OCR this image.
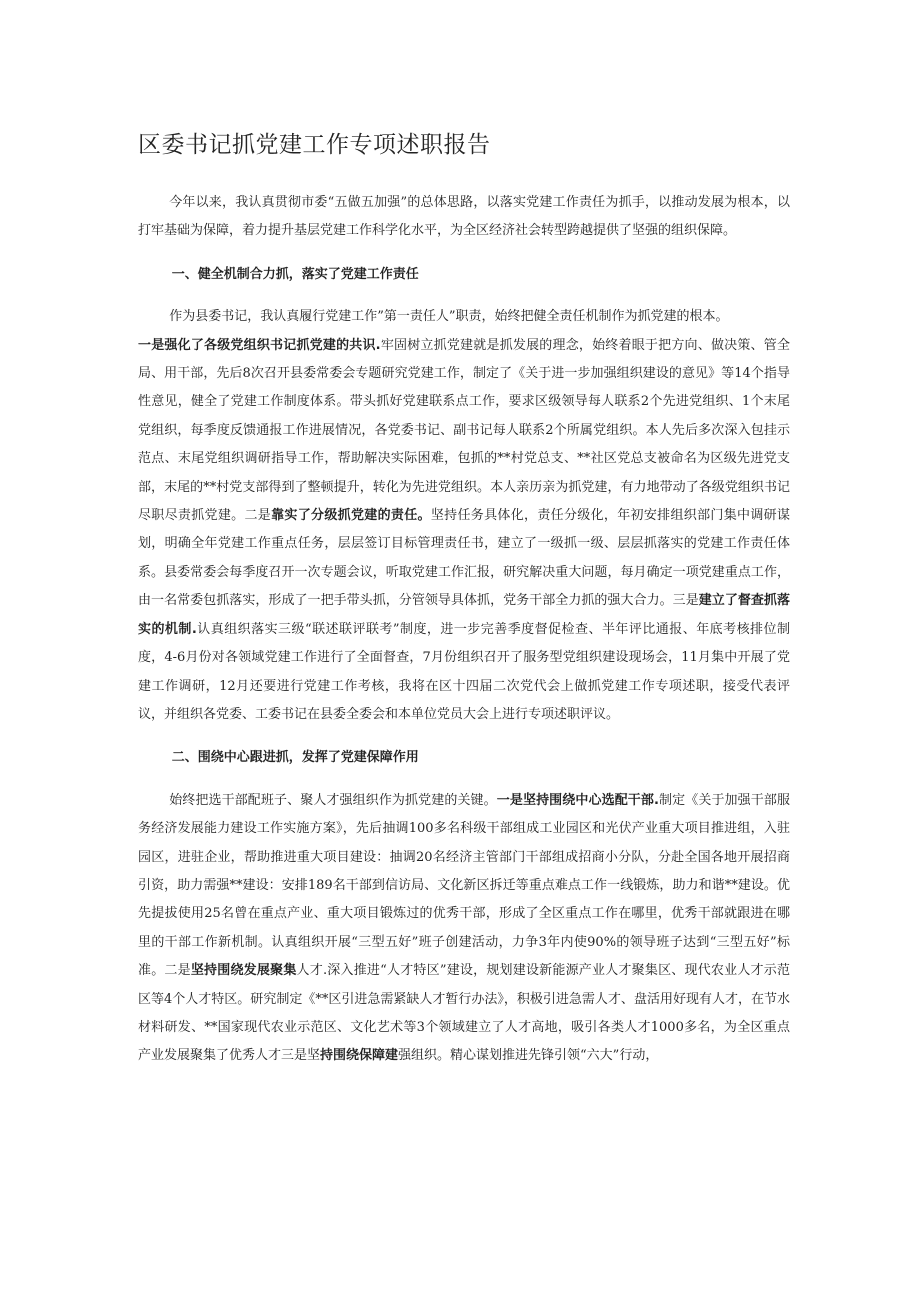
区委书记抓党建工作专项述职报告

今年以来，我认真贯彻市委“五做五加强”的总体思路，以落实党建工作责任为抓手，以推动发展为根本，以打牢基础为保障，着力提升基层党建工作科学化水平，为全区经济社会转型跨越提供了坚强的组织保障。

一、健全机制合力抓，落实了党建工作责任

作为县委书记，我认真履行党建工作”第一责任人”职责，始终把健全责任机制作为抓党建的根本。

一是强化了各级党组织书记抓党建的共识.牢固树立抓党建就是抓发展的理念，始终着眼于把方向、做决策、管全局、用干部，先后8次召开县委常委会专题研究党建工作，制定了《关于进一步加强组织建设的意见》等14个指导性意见，健全了党建工作制度体系。带头抓好党建联系点工作，要求区级领导每人联系2个先进党组织、1个末尾党组织，每季度反馈通报工作进展情况，各党委书记、副书记每人联系2个所属党组织。本人先后多次深入包挂示范点、末尾党组织调研指导工作，帮助解决实际困难，包抓的**村党总支、**社区党总支被命名为区级先进党支部，末尾的**村党支部得到了整顿提升，转化为先进党组织。本人亲历亲为抓党建，有力地带动了各级党组织书记尽职尽责抓党建。二是靠实了分级抓党建的责任。坚持任务具体化，责任分级化，年初安排组织部门集中调研谋划，明确全年党建工作重点任务，层层签订目标管理责任书，建立了一级抓一级、层层抓落实的党建工作责任体系。县委常委会每季度召开一次专题会议，听取党建工作汇报，研究解决重大问题，每月确定一项党建重点工作，由一名常委包抓落实，形成了一把手带头抓，分管领导具体抓，党务干部全力抓的强大合力。三是建立了督查抓落实的机制.认真组织落实三级“联述联评联考”制度，进一步完善季度督促检查、半年评比通报、年底考核排位制度，4-6月份对各领域党建工作进行了全面督查，7月份组织召开了服务型党组织建设现场会，11月集中开展了党建工作调研，12月还要进行党建工作考核，我将在区十四届二次党代会上做抓党建工作专项述职，接受代表评议，并组织各党委、工委书记在县委全委会和本单位党员大会上进行专项述职评议。

二、围绕中心跟进抓，发挥了党建保障作用

始终把选干部配班子、聚人才强组织作为抓党建的关键。一是坚持围绕中心选配干部.制定《关于加强干部服务经济发展能力建设工作实施方案》，先后抽调100多名科级干部组成工业园区和光伏产业重大项目推进组，入驻园区，进驻企业，帮助推进重大项目建设：抽调20名经济主管部门干部组成招商小分队，分赴全国各地开展招商引资，助力需强**建设：安排189名干部到信访局、文化新区拆迁等重点难点工作一线锻炼，助力和谐**建设。优先提拔使用25名曾在重点产业、重大项目锻炼过的优秀干部，形成了全区重点工作在哪里，优秀干部就跟进在哪里的干部工作新机制。认真组织开展“三型五好”班子创建活动，力争3年内使90%的领导班子达到“三型五好”标准。二是坚持围绕发展聚集人才.深入推进“人才特区”建设，规划建设新能源产业人才聚集区、现代农业人才示范区等4个人才特区。研究制定《**区引进急需紧缺人才暂行办法》，积极引进急需人才、盘活用好现有人才，在节水材料研发、**国家现代农业示范区、文化艺术等3个领域建立了人才高地，吸引各类人才1000多名，为全区重点产业发展聚集了优秀人才三是坚持围绕保障建强组织。精心谋划推进先锋引领“六大”行动，
